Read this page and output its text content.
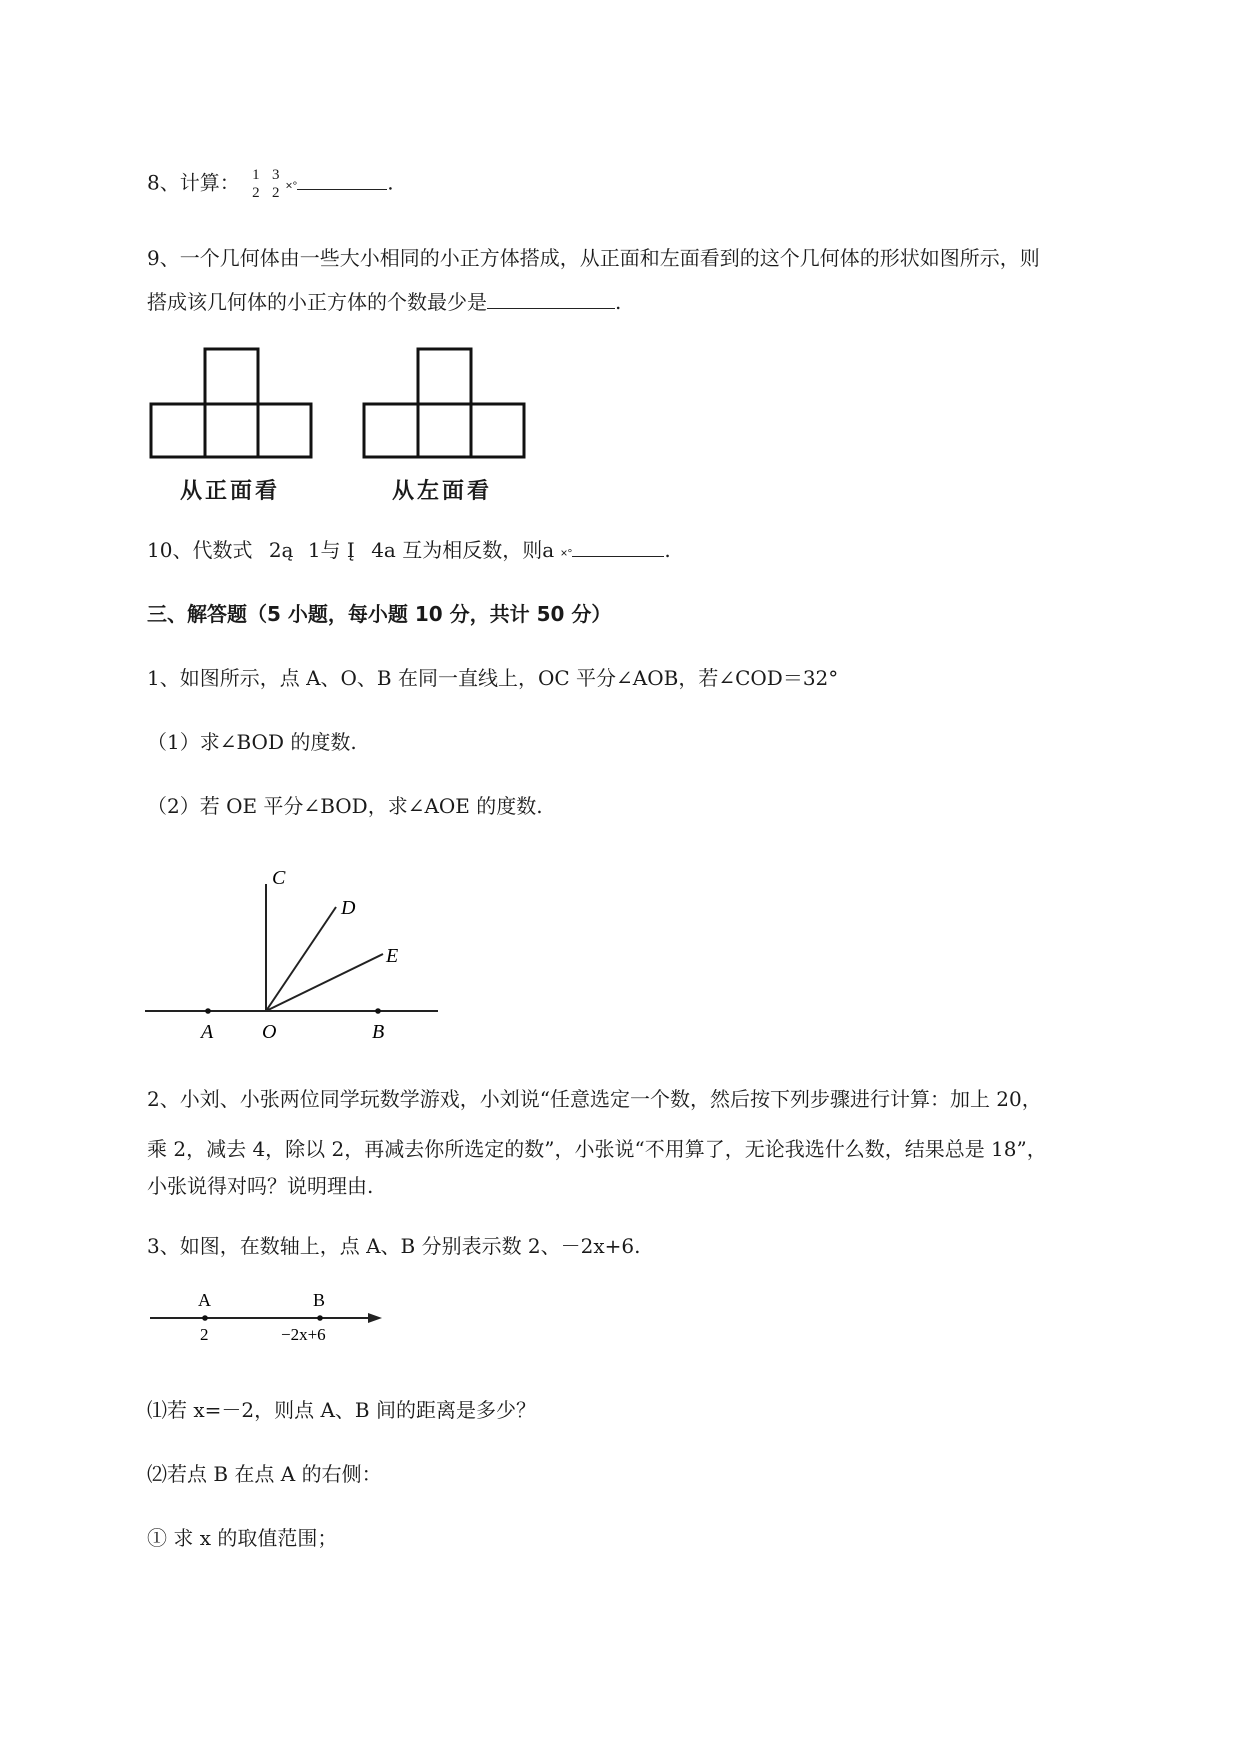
8、计算： 1
2

3
2 ×°	.
9、一个几何体由一些大小相同的小正方体搭成，从正面和左面看到的这个几何体的形状如图所示，则
搭成该几何体的小正方体的个数最少是	.
从正面看	从左面看
10、代数式 2ą 1与 Į 4a 互为相反数，则a ×°	.
三、解答题（5 小题，每小题 10 分，共计 50 分）
1、如图所示，点 A、O、B 在同一直线上，OC 平分∠AOB，若∠COD＝32°
（1）求∠BOD 的度数.
（2）若 OE 平分∠BOD，求∠AOE 的度数.
C
D
E
A O	B
2、小刘、小张两位同学玩数学游戏，小刘说“任意选定一个数，然后按下列步骤进行计算：加上 20，
乘 2，减去 4，除以 2，再减去你所选定的数”，小张说“不用算了，无论我选什么数，结果总是 18”，
小张说得对吗？说明理由.
3、如图，在数轴上，点 A、B 分别表示数 2、－2x+6.
A	B
2	−2x+6
⑴若 x=－2，则点 A、B 间的距离是多少？
⑵若点 B 在点 A 的右侧：
① 求 x 的取值范围；
